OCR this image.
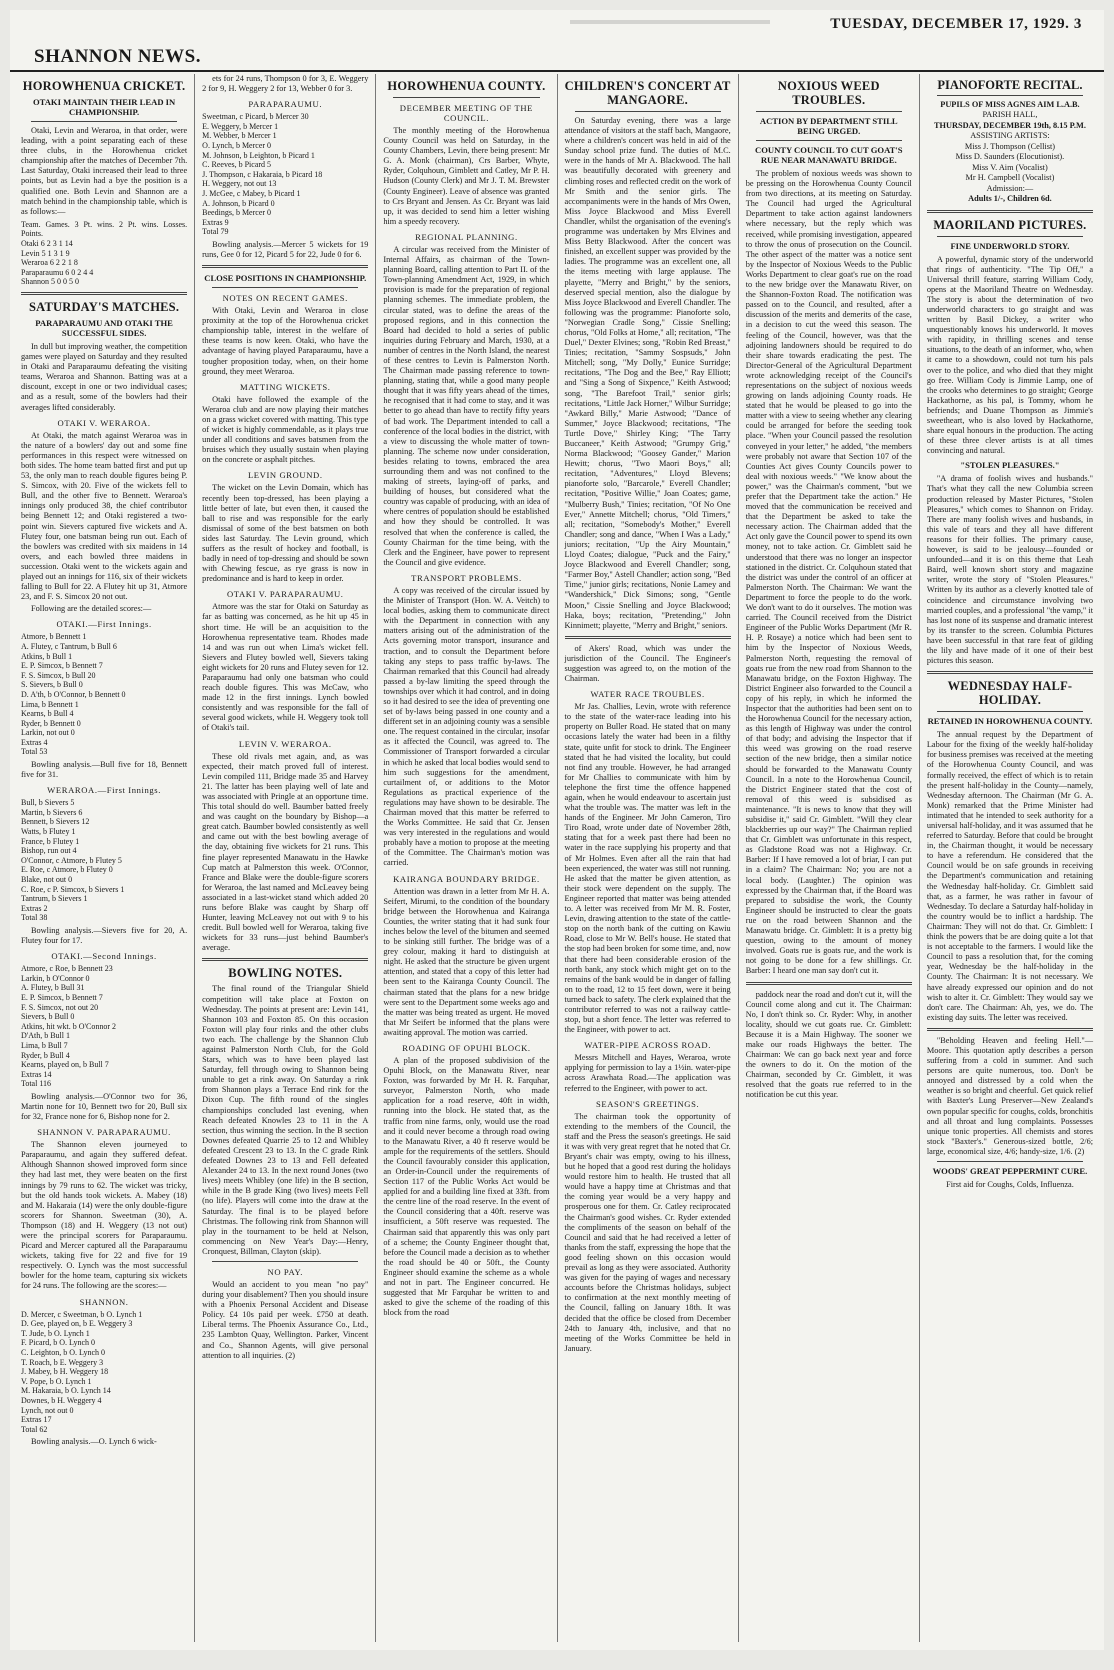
SHANNON NEWS.
TUESDAY, DECEMBER 17, 1929. 3
HOROWHENUA CRICKET.
OTAKI MAINTAIN THEIR LEAD IN CHAMPIONSHIP.

Otaki, Levin and Weraroa, in that order, were leading, with a point separating each of these three clubs, in the Horowhenua cricket championship after the matches of December 7th. Last Saturday, Otaki increased their lead to three points, but as Levin had a bye the position is a qualified one. Both Levin and Shannon are a match behind in the championship table, which is as follows:—

Team. Games. 3 Pt. wins. 2 Pt. wins. Losses. Points.
Otaki 6 2 3 1 14
Levin 5 1 3 1 9
Weraroa 6 2 2 1 8
Paraparaumu 6 0 2 4 4
Shannon 5 0 0 5 0
SATURDAY'S MATCHES.
PARAPARAUMU AND OTAKI THE SUCCESSFUL SIDES.

In dull but improving weather, the competition games were played on Saturday and they resulted in Otaki and Paraparaumu defeating the visiting teams, Weraroa and Shannon. Batting was at a discount, except in one or two individual cases; and as a result, some of the bowlers had their averages lifted considerably.

OTAKI V. WERAROA.

At Otaki, the match against Weraroa was in the nature of a bowlers' day out and some fine performances in this respect were witnessed on both sides. The home team batted first and put up 53, the only man to reach double figures being P. S. Simcox, with 20. Five of the wickets fell to Bull, and the other five to Bennett. Weraroa's innings only produced 38, the chief contributor being Bennett 12; and Otaki registered a two-point win. Sievers captured five wickets and A. Flutey four, one batsman being run out. Each of the bowlers was credited with six maidens in 14 overs, and each bowled three maidens in succession. Otaki went to the wickets again and played out an innings for 116, six of their wickets falling to Bull for 22. A Flutey hit up 31, Atmore 23, and F. S. Simcox 20 not out.

Following are the detailed scores:—

OTAKI.—First Innings.
Atmore, b Bennett 1
A. Flutey, c Tantrum, b Bull 6
Atkins, b Bull 1
E. P. Simcox, b Bennett 7
F. S. Simcox, b Bull 20
S. Sievers, b Bull 0
D. A'th, b O'Connor, b Bennett 0
Lima, b Bennett 1
Kearns, b Bull 4
Ryder, b Bennett 0
Larkin, not out 0
Extras 4
Total 53

Bowling analysis.—Bull five for 18, Bennett five for 31.

WERAROA.—First Innings.
Bull, b Sievers 5
Martin, b Sievers 6
Bennett, b Sievers 12
Watts, b Flutey 1
France, b Flutey 1
Bishop, run out 4
O'Connor, c Atmore, b Flutey 5
E. Roe, c Atmore, b Flutey 0
Blake, not out 0
C. Roe, c P. Simcox, b Sievers 1
Tantrum, b Sievers 1
Extras 2
Total 38

Bowling analysis.—Sievers five for 20, A. Flutey four for 17.

OTAKI.—Second Innings.
Atmore, c Roe, b Bennett 23
Larkin, b O'Connor 0
A. Flutey, b Bull 31
E. P. Simcox, b Bennett 7
F. S. Simcox, not out 20
Sievers, b Bull 0
Atkins, hit wkt. b O'Connor 2
D'Ath, b Bull 1
Lima, b Bull 7
Ryder, b Bull 4
Kearns, played on, b Bull 7
Extras 14
Total 116

Bowling analysis.—O'Connor two for 36, Martin none for 10, Bennett two for 20, Bull six for 32, France none for 6, Bishop none for 2.

SHANNON V. PARAPARAUMU.

The Shannon eleven journeyed to Paraparaumu, and again they suffered defeat. Although Shannon showed improved form since they had last met, they were beaten on the first innings by 79 runs to 62. The wicket was tricky, but the old hands took wickets. A. Mabey (18) and M. Hakaraia (14) were the only double-figure scorers for Shannon. Sweetman (30), A. Thompson (18) and H. Weggery (13 not out) were the principal scorers for Paraparaumu. Picard and Mercer captured all the Paraparaumu wickets, taking five for 22 and five for 19 respectively. O. Lynch was the most successful bowler for the home team, capturing six wickets for 24 runs. The following are the scores:—

SHANNON.
D. Mercer, c Sweetman, b O. Lynch 1
D. Gee, played on, b E. Weggery 3
T. Jude, b O. Lynch 1
F. Picard, b O. Lynch 0
C. Leighton, b O. Lynch 0
T. Roach, b E. Weggery 3
J. Mabey, b H. Weggery 18
V. Pope, b O. Lynch 1
M. Hakaraia, b O. Lynch 14
Downes, b H. Weggery 4
Lynch, not out 0
Extras 17
Total 62

Bowling analysis.—O. Lynch 6 wick-

ets for 24 runs, Thompson 0 for 3, E. Weggery 2 for 9, H. Weggery 2 for 13, Webber 0 for 3.

PARAPARAUMU.
Sweetman, c Picard, b Mercer 30
E. Weggery, b Mercer 1
M. Webber, b Mercer 1
O. Lynch, b Mercer 0
M. Johnson, b Leighton, b Picard 1
C. Reeves, b Picard 5
J. Thompson, c Hakaraia, b Picard 18
H. Weggery, not out 13
J. McGee, c Mabey, b Picard 1
A. Johnson, b Picard 0
Beedings, b Mercer 0
Extras 9
Total 79

Bowling analysis.—Mercer 5 wickets for 19 runs, Gee 0 for 12, Picard 5 for 22, Jude 0 for 6.

CLOSE POSITIONS IN CHAMPIONSHIP.
NOTES ON RECENT GAMES.

With Otaki, Levin and Weraroa in close proximity at the top of the Horowhenua cricket championship table, interest in the welfare of these teams is now keen. Otaki, who have the advantage of having played Paraparaumu, have a tougher proposition today, when, on their home ground, they meet Weraroa.

MATTING WICKETS.

Otaki have followed the example of the Weraroa club and are now playing their matches on a grass wicket covered with matting. This type of wicket is highly commendable, as it plays true under all conditions and saves batsmen from the bruises which they usually sustain when playing on the concrete or asphalt pitches.

LEVIN GROUND.

The wicket on the Levin Domain, which has recently been top-dressed, has been playing a little better of late, but even then, it caused the ball to rise and was responsible for the early dismissal of some of the best batsmen on both sides last Saturday. The Levin ground, which suffers as the result of hockey and football, is badly in need of top-dressing and should be sown with Chewing fescue, as rye grass is now in predominance and is hard to keep in order.

OTAKI V. PARAPARAUMU.

Atmore was the star for Otaki on Saturday as far as batting was concerned, as he hit up 45 in short time. He will be an acquisition to the Horowhenua representative team. Rhodes made 14 and was run out when Lima's wicket fell. Sievers and Flutey bowled well, Sievers taking eight wickets for 20 runs and Flutey seven for 12. Paraparaumu had only one batsman who could reach double figures. This was McCaw, who made 12 in the first innings. Lynch bowled consistently and was responsible for the fall of several good wickets, while H. Weggery took toll of Otaki's tail.

LEVIN V. WERAROA.

These old rivals met again, and, as was expected, their match proved full of interest. Levin compiled 111, Bridge made 35 and Harvey 21. The latter has been playing well of late and was associated with Pringle at an opportune time. This total should do well. Baumber batted freely and was caught on the boundary by Bishop—a great catch. Baumber bowled consistently as well and came out with the best bowling average of the day, obtaining five wickets for 21 runs. This fine player represented Manawatu in the Hawke Cup match at Palmerston this week. O'Connor, France and Blake were the double-figure scorers for Weraroa, the last named and McLeavey being associated in a last-wicket stand which added 20 runs before Blake was caught by Sharp off Hunter, leaving McLeavey not out with 9 to his credit. Bull bowled well for Weraroa, taking five wickets for 33 runs—just behind Baumber's average.

BOWLING NOTES.

The final round of the Triangular Shield competition will take place at Foxton on Wednesday. The points at present are: Levin 141, Shannon 103 and Foxton 85. On this occasion Foxton will play four rinks and the other clubs two each. The challenge by the Shannon Club against Palmerston North Club, for the Gold Stars, which was to have been played last Saturday, fell through owing to Shannon being unable to get a rink away. On Saturday a rink from Shannon plays a Terrace End rink for the Dixon Cup. The fifth round of the singles championships concluded last evening, when Reach defeated Knowles 23 to 11 in the A section, thus winning the section. In the B section Downes defeated Quarrie 25 to 12 and Whibley defeated Crescent 23 to 13. In the C grade Rink defeated Downes 23 to 13 and Fell defeated Alexander 24 to 13. In the next round Jones (two lives) meets Whibley (one life) in the B section, while in the B grade King (two lives) meets Fell (no life). Players will come into the draw at the Saturday. The final is to be played before Christmas. The following rink from Shannon will play in the tournament to be held at Nelson, commencing on New Year's Day:—Henry, Cronquest, Billman, Clayton (skip).

NO PAY.

Would an accident to you mean "no pay" during your disablement? Then you should insure with a Phoenix Personal Accident and Disease Policy. £4 10s paid per week. £750 at death. Liberal terms. The Phoenix Assurance Co., Ltd., 235 Lambton Quay, Wellington. Parker, Vincent and Co., Shannon Agents, will give personal attention to all inquiries. (2)

HOROWHENUA COUNTY.
DECEMBER MEETING OF THE COUNCIL.

The monthly meeting of the Horowhenua County Council was held on Saturday, in the County Chambers, Levin, there being present: Mr G. A. Monk (chairman), Crs Barber, Whyte, Ryder, Colquhoun, Gimblett and Catley, Mr P. H. Hudson (County Clerk) and Mr J. T. M. Brewster (County Engineer). Leave of absence was granted to Crs Bryant and Jensen. As Cr. Bryant was laid up, it was decided to send him a letter wishing him a speedy recovery.

REGIONAL PLANNING.

A circular was received from the Minister of Internal Affairs, as chairman of the Town-planning Board, calling attention to Part II. of the Town-planning Amendment Act, 1929, in which provision is made for the preparation of regional planning schemes. The immediate problem, the circular stated, was to define the areas of the proposed regions, and in this connection the Board had decided to hold a series of public inquiries during February and March, 1930, at a number of centres in the North Island, the nearest of these centres to Levin is Palmerston North. The Chairman made passing reference to town-planning, stating that, while a good many people thought that it was fifty years ahead of the times, he recognised that it had come to stay, and it was better to go ahead than have to rectify fifty years of bad work. The Department intended to call a conference of the local bodies in the district, with a view to discussing the whole matter of town-planning. The scheme now under consideration, besides relating to towns, embraced the area surrounding them and was not confined to the making of streets, laying-off of parks, and building of houses, but considered what the country was capable of producing, with an idea of where centres of population should be established and how they should be controlled. It was resolved that when the conference is called, the County Chairman for the time being, with the Clerk and the Engineer, have power to represent the Council and give evidence.

TRANSPORT PROBLEMS.

A copy was received of the circular issued by the Minister of Transport (Hon. W. A. Veitch) to local bodies, asking them to communicate direct with the Department in connection with any matters arising out of the administration of the Acts governing motor transport, insurance and traction, and to consult the Department before taking any steps to pass traffic by-laws. The Chairman remarked that this Council had already passed a by-law limiting the speed through the townships over which it had control, and in doing so it had desired to see the idea of preventing one set of by-laws being passed in one county and a different set in an adjoining county was a sensible one. The request contained in the circular, insofar as it affected the Council, was agreed to. The Commissioner of Transport forwarded a circular in which he asked that local bodies would send to him such suggestions for the amendment, curtailment of, or additions to the Motor Regulations as practical experience of the regulations may have shown to be desirable. The Chairman moved that this matter be referred to the Works Committee. He said that Cr. Jensen was very interested in the regulations and would probably have a motion to propose at the meeting of the Committee. The Chairman's motion was carried.

KAIRANGA BOUNDARY BRIDGE.

Attention was drawn in a letter from Mr H. A. Seifert, Mirumi, to the condition of the boundary bridge between the Horowhenua and Kairanga Counties, the writer stating that it had sunk four inches below the level of the bitumen and seemed to be sinking still further. The bridge was of a grey colour, making it hard to distinguish at night. He asked that the structure be given urgent attention, and stated that a copy of this letter had been sent to the Kairanga County Council. The chairman stated that the plans for a new bridge were sent to the Department some weeks ago and the matter was being treated as urgent. He moved that Mr Seifert be informed that the plans were awaiting approval. The motion was carried.

ROADING OF OPUHI BLOCK.

A plan of the proposed subdivision of the Opuhi Block, on the Manawatu River, near Foxton, was forwarded by Mr H. R. Farquhar, surveyor, Palmerston North, who made application for a road reserve, 40ft in width, running into the block. He stated that, as the traffic from nine farms, only, would use the road and it could never become a through road owing to the Manawatu River, a 40 ft reserve would be ample for the requirements of the settlers. Should the Council favourably consider this application, an Order-in-Council under the requirements of Section 117 of the Public Works Act would be applied for and a building line fixed at 33ft. from the centre line of the road reserve. In the event of the Council considering that a 40ft. reserve was insufficient, a 50ft reserve was requested. The Chairman said that apparently this was only part of a scheme; the County Engineer thought that, before the Council made a decision as to whether the road should be 40 or 50ft., the County Engineer should examine the scheme as a whole and not in part. The Engineer concurred. He suggested that Mr Farquhar be written to and asked to give the scheme of the roading of this block from the road

CHILDREN'S CONCERT AT MANGAORE.

On Saturday evening, there was a large attendance of visitors at the staff bach, Mangaore, where a children's concert was held in aid of the Sunday school prize fund. The duties of M.C. were in the hands of Mr A. Blackwood. The hall was beautifully decorated with greenery and climbing roses and reflected credit on the work of Mr Smith and the senior girls. The accompaniments were in the hands of Mrs Owen, Miss Joyce Blackwood and Miss Everell Chandler, whilst the organisation of the evening's programme was undertaken by Mrs Elvines and Miss Betty Blackwood. After the concert was finished, an excellent supper was provided by the ladies. The programme was an excellent one, all the items meeting with large applause. The playette, "Merry and Bright," by the seniors, deserved special mention, also the dialogue by Miss Joyce Blackwood and Everell Chandler. The following was the programme: Pianoforte solo, "Norwegian Cradle Song," Cissie Snelling; chorus, "Old Folks at Home," all; recitation, "The Duel," Dexter Elvines; song, "Robin Red Breast," Tinies; recitation, "Sammy Sospsuds," John Mitchell; song, "My Dolly," Eunice Surridge; recitations, "The Dog and the Bee," Ray Elliott; and "Sing a Song of Sixpence," Keith Astwood; song, "The Barefoot Trail," senior girls; recitations, "Little Jack Horner," Wilbur Surridge; "Awkard Billy," Marie Astwood; "Dance of Summer," Joyce Blackwood; recitations, "The Turtle Dove," Shirley King; "The Tarry Buccaneer," Keith Astwood; "Grumpy Grig," Norma Blackwood; "Goosey Gander," Marion Hewitt; chorus, "Two Maori Boys," all; recitation, "Adventures," Lloyd Blevens; pianoforte solo, "Barcarole," Everell Chandler; recitation, "Positive Willie," Joan Coates; game, "Mulberry Bush," Tinies; recitation, "Of No One Ever," Annette Mitchell; chorus, "Old Timers," all; recitation, "Somebody's Mother," Everell Chandler; song and dance, "When I Was a Lady," juniors; recitation, "Up the Airy Mountain," Lloyd Coates; dialogue, "Puck and the Fairy," Joyce Blackwood and Everell Chandler; song, "Farmer Boy," Astell Chandler; action song, "Bed Time," junior girls; recitations, Nonie Lamey and "Wandershick," Dick Simons; song, "Gentle Moon," Cissie Snelling and Joyce Blackwood; Haka, boys; recitation, "Pretending," John Kinnimett; playette, "Merry and Bright," seniors.

of Akers' Road, which was under the jurisdiction of the Council. The Engineer's suggestion was agreed to, on the motion of the Chairman.

WATER RACE TROUBLES.

Mr Jas. Challies, Levin, wrote with reference to the state of the water-race leading into his property on Buller Road. He stated that on many occasions lately the water had been in a filthy state, quite unfit for stock to drink. The Engineer stated that he had visited the locality, but could not find any trouble. However, he had arranged for Mr Challies to communicate with him by telephone the first time the offence happened again, when he would endeavour to ascertain just what the trouble was. The matter was left in the hands of the Engineer. Mr John Cameron, Tiro Tiro Road, wrote under date of November 28th, stating that for a week past there had been no water in the race supplying his property and that of Mr Holmes. Even after all the rain that had been experienced, the water was still not running. He asked that the matter be given attention, as their stock were dependent on the supply. The Engineer reported that matter was being attended to. A letter was received from Mr M. R. Foster, Levin, drawing attention to the state of the cattle-stop on the north bank of the cutting on Kawiu Road, close to Mr W. Bell's house. He stated that the stop had been broken for some time, and, now that there had been considerable erosion of the north bank, any stock which might get on to the remains of the bank would be in danger of falling on to the road, 12 to 15 feet down, were it being turned back to safety. The clerk explained that the contributor referred to was not a railway cattle-stop, but a short fence. The letter was referred to the Engineer, with power to act.

WATER-PIPE ACROSS ROAD.

Messrs Mitchell and Hayes, Weraroa, wrote applying for permission to lay a 1½in. water-pipe across Arawhata Road.—The application was referred to the Engineer, with power to act.

SEASON'S GREETINGS.

The chairman took the opportunity of extending to the members of the Council, the staff and the Press the season's greetings. He said it was with very great regret that he noted that Cr. Bryant's chair was empty, owing to his illness, but he hoped that a good rest during the holidays would restore him to health. He trusted that all would have a happy time at Christmas and that the coming year would be a very happy and prosperous one for them. Cr. Catley reciprocated the Chairman's good wishes. Cr. Ryder extended the compliments of the season on behalf of the Council and said that he had received a letter of thanks from the staff, expressing the hope that the good feeling shown on this occasion would prevail as long as they were associated. Authority was given for the paying of wages and necessary accounts before the Christmas holidays, subject to confirmation at the next monthly meeting of the Council, falling on January 18th. It was decided that the office be closed from December 24th to January 4th, inclusive, and that no meeting of the Works Committee be held in January.

NOXIOUS WEED TROUBLES.
ACTION BY DEPARTMENT STILL BEING URGED.
COUNTY COUNCIL TO CUT GOAT'S RUE NEAR MANAWATU BRIDGE.

The problem of noxious weeds was shown to be pressing on the Horowhenua County Council from two directions, at its meeting on Saturday. The Council had urged the Agricultural Department to take action against landowners where necessary, but the reply which was received, while promising investigation, appeared to throw the onus of prosecution on the Council. The other aspect of the matter was a notice sent by the Inspector of Noxious Weeds to the Public Works Department to clear goat's rue on the road to the new bridge over the Manawatu River, on the Shannon-Foxton Road. The notification was passed on to the Council, and resulted, after a discussion of the merits and demerits of the case, in a decision to cut the weed this season. The feeling of the Council, however, was that the adjoining landowners should be required to do their share towards eradicating the pest. The Director-General of the Agricultural Department wrote acknowledging receipt of the Council's representations on the subject of noxious weeds growing on lands adjoining County roads. He stated that he would be pleased to go into the matter with a view to seeing whether any clearing could be arranged for before the seeding took place. "When your Council passed the resolution conveyed in your letter," he added, "the members were probably not aware that Section 107 of the Counties Act gives County Councils power to deal with noxious weeds." "We know about the power," was the Chairman's comment, "but we prefer that the Department take the action." He moved that the communication be received and that the Department be asked to take the necessary action. The Chairman added that the Act only gave the Council power to spend its own money, not to take action. Cr. Gimblett said he understood that there was no longer an inspector stationed in the district. Cr. Colquhoun stated that the district was under the control of an officer at Palmerston North. The Chairman: We want the Department to force the people to do the work. We don't want to do it ourselves. The motion was carried. The Council received from the District Engineer of the Public Works Department (Mr R. H. P. Rosaye) a notice which had been sent to him by the Inspector of Noxious Weeds, Palmerston North, requesting the removal of goats rue from the new road from Shannon to the Manawatu bridge, on the Foxton Highway. The District Engineer also forwarded to the Council a copy of his reply, in which he informed the Inspector that the authorities had been sent on to the Horowhenua Council for the necessary action, as this length of Highway was under the control of that body; and advising the Inspector that if this weed was growing on the road reserve section of the new bridge, then a similar notice should be forwarded to the Manawatu County Council. In a note to the Horowhenua Council, the District Engineer stated that the cost of removal of this weed is subsidised as maintenance. "It is news to know that they will subsidise it," said Cr. Gimblett. "Will they clear blackberries up our way?" The Chairman replied that Cr. Gimblett was unfortunate in this respect, as Gladstone Road was not a Highway. Cr. Barber: If I have removed a lot of briar, I can put in a claim? The Chairman: No; you are not a local body. (Laughter.) The opinion was expressed by the Chairman that, if the Board was prepared to subsidise the work, the County Engineer should be instructed to clear the goats rue on the road between Shannon and the Manawatu bridge. Cr. Gimblett: It is a pretty big question, owing to the amount of money involved. Goats rue is goats rue, and the work is not going to be done for a few shillings. Cr. Barber: I heard one man say don't cut it.

paddock near the road and don't cut it, will the Council come along and cut it. The Chairman: No, I don't think so. Cr. Ryder: Why, in another locality, should we cut goats rue. Cr. Gimblett: Because it is a Main Highway. The sooner we make our roads Highways the better. The Chairman: We can go back next year and force the owners to do it. On the motion of the Chairman, seconded by Cr. Gimblett, it was resolved that the goats rue referred to in the notification be cut this year.

PIANOFORTE RECITAL.
PUPILS OF MISS AGNES AIM L.A.B.
PARISH HALL,
THURSDAY, DECEMBER 19th, 8.15 P.M.
ASSISTING ARTISTS:
Miss J. Thompson (Cellist)
Miss D. Saunders (Elocutionist).
Miss V. Aim (Vocalist)
Mr H. Campbell (Vocalist)
Admission:—
Adults 1/-, Children 6d.
MAORILAND PICTURES.
FINE UNDERWORLD STORY.

A powerful, dynamic story of the underworld that rings of authenticity. "The Tip Off," a Universal thrill feature, starring William Cody, opens at the Maoriland Theatre on Wednesday. The story is about the determination of two underworld characters to go straight and was written by Basil Dickey, a writer who unquestionably knows his underworld. It moves with rapidity, in thrilling scenes and tense situations, to the death of an informer, who, when it came to a showdown, could not turn his pals over to the police, and who died that they might go free. William Cody is Jimmie Lamp, one of the crooks who determines to go straight; George Hackathorne, as his pal, is Tommy, whom he befriends; and Duane Thompson as Jimmie's sweetheart, who is also loved by Hackathorne, share equal honours in the production. The acting of these three clever artists is at all times convincing and natural.

"STOLEN PLEASURES."

"A drama of foolish wives and husbands." That's what they call the new Columbia screen production released by Master Pictures, "Stolen Pleasures," which comes to Shannon on Friday. There are many foolish wives and husbands, in this vale of tears and they all have different reasons for their follies. The primary cause, however, is said to be jealousy—founded or unfounded—and it is on this theme that Leah Baird, well known short story and magazine writer, wrote the story of "Stolen Pleasures." Written by its author as a cleverly knotted tale of coincidence and circumstance involving two married couples, and a professional "the vamp," it has lost none of its suspense and dramatic interest by its transfer to the screen. Columbia Pictures have been successful in that rare feat of gilding the lily and have made of it one of their best pictures this season.

WEDNESDAY HALF-HOLIDAY.
RETAINED IN HOROWHENUA COUNTY.

The annual request by the Department of Labour for the fixing of the weekly half-holiday for business premises was received at the meeting of the Horowhenua County Council, and was formally received, the effect of which is to retain the present half-holiday in the County—namely, Wednesday afternoon. The Chairman (Mr G. A. Monk) remarked that the Prime Minister had intimated that he intended to seek authority for a universal half-holiday, and it was assumed that he referred to Saturday. Before that could be brought in, the Chairman thought, it would be necessary to have a referendum. He considered that the Council would be on safe grounds in receiving the Department's communication and retaining the Wednesday half-holiday. Cr. Gimblett said that, as a farmer, he was rather in favour of Wednesday. To declare a Saturday half-holiday in the country would be to inflict a hardship. The Chairman: They will not do that. Cr. Gimblett: I think the powers that be are doing quite a lot that is not acceptable to the farmers. I would like the Council to pass a resolution that, for the coming year, Wednesday be the half-holiday in the County. The Chairman: It is not necessary. We have already expressed our opinion and do not wish to alter it. Cr. Gimblett: They would say we don't care. The Chairman: Ah, yes, we do. The existing day suits. The letter was received.

"Beholding Heaven and feeling Hell."—Moore. This quotation aptly describes a person suffering from a cold in summer. And such persons are quite numerous, too. Don't be annoyed and distressed by a cold when the weather is so bright and cheerful. Get quick relief with Baxter's Lung Preserver—New Zealand's own popular specific for coughs, colds, bronchitis and all throat and lung complaints. Possesses unique tonic properties. All chemists and stores stock "Baxter's." Generous-sized bottle, 2/6; large, economical size, 4/6; handy-size, 1/6. (2)

WOODS' GREAT PEPPERMINT CURE.
First aid for Coughs, Colds, Influenza.
